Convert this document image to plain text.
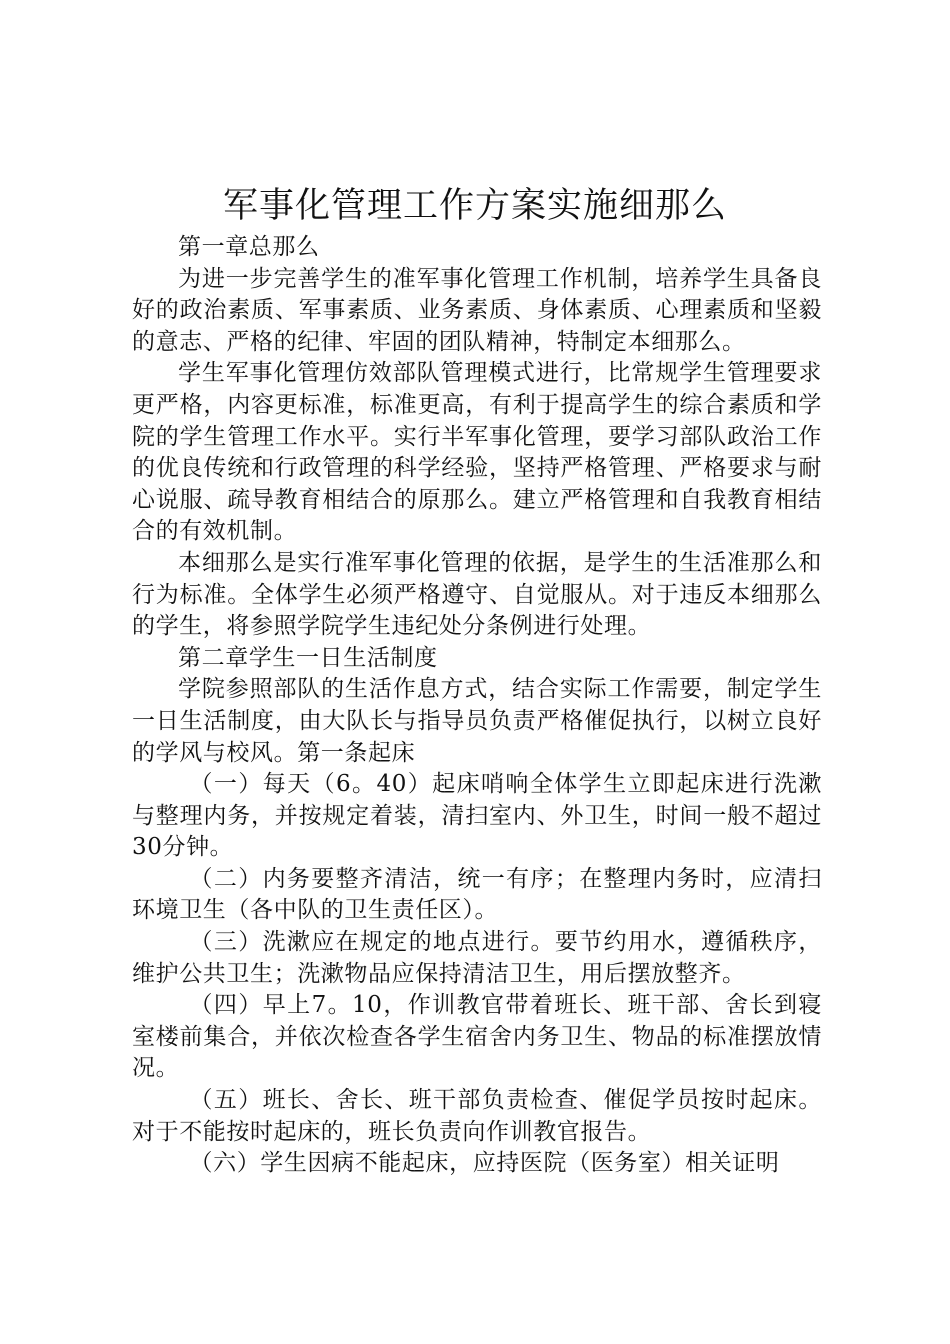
军事化管理工作方案实施细那么

第一章总那么

为进一步完善学生的准军事化管理工作机制，培养学生具备良好的政治素质、军事素质、业务素质、身体素质、心理素质和坚毅的意志、严格的纪律、牢固的团队精神，特制定本细那么。

学生军事化管理仿效部队管理模式进行，比常规学生管理要求更严格，内容更标准，标准更高，有利于提高学生的综合素质和学院的学生管理工作水平。实行半军事化管理，要学习部队政治工作的优良传统和行政管理的科学经验，坚持严格管理、严格要求与耐心说服、疏导教育相结合的原那么。建立严格管理和自我教育相结合的有效机制。

本细那么是实行准军事化管理的依据，是学生的生活准那么和行为标准。全体学生必须严格遵守、自觉服从。对于违反本细那么的学生，将参照学院学生违纪处分条例进行处理。

第二章学生一日生活制度

学院参照部队的生活作息方式，结合实际工作需要，制定学生一日生活制度，由大队长与指导员负责严格催促执行，以树立良好的学风与校风。第一条起床

（一）每天（6。40）起床哨响全体学生立即起床进行洗漱与整理内务，并按规定着装，清扫室内、外卫生，时间一般不超过30分钟。

（二）内务要整齐清洁，统一有序；在整理内务时，应清扫环境卫生（各中队的卫生责任区）。

（三）洗漱应在规定的地点进行。要节约用水，遵循秩序，维护公共卫生；洗漱物品应保持清洁卫生，用后摆放整齐。

（四）早上7。10，作训教官带着班长、班干部、舍长到寝室楼前集合，并依次检查各学生宿舍内务卫生、物品的标准摆放情况。

（五）班长、舍长、班干部负责检查、催促学员按时起床。对于不能按时起床的，班长负责向作训教官报告。

（六）学生因病不能起床，应持医院（医务室）相关证明
